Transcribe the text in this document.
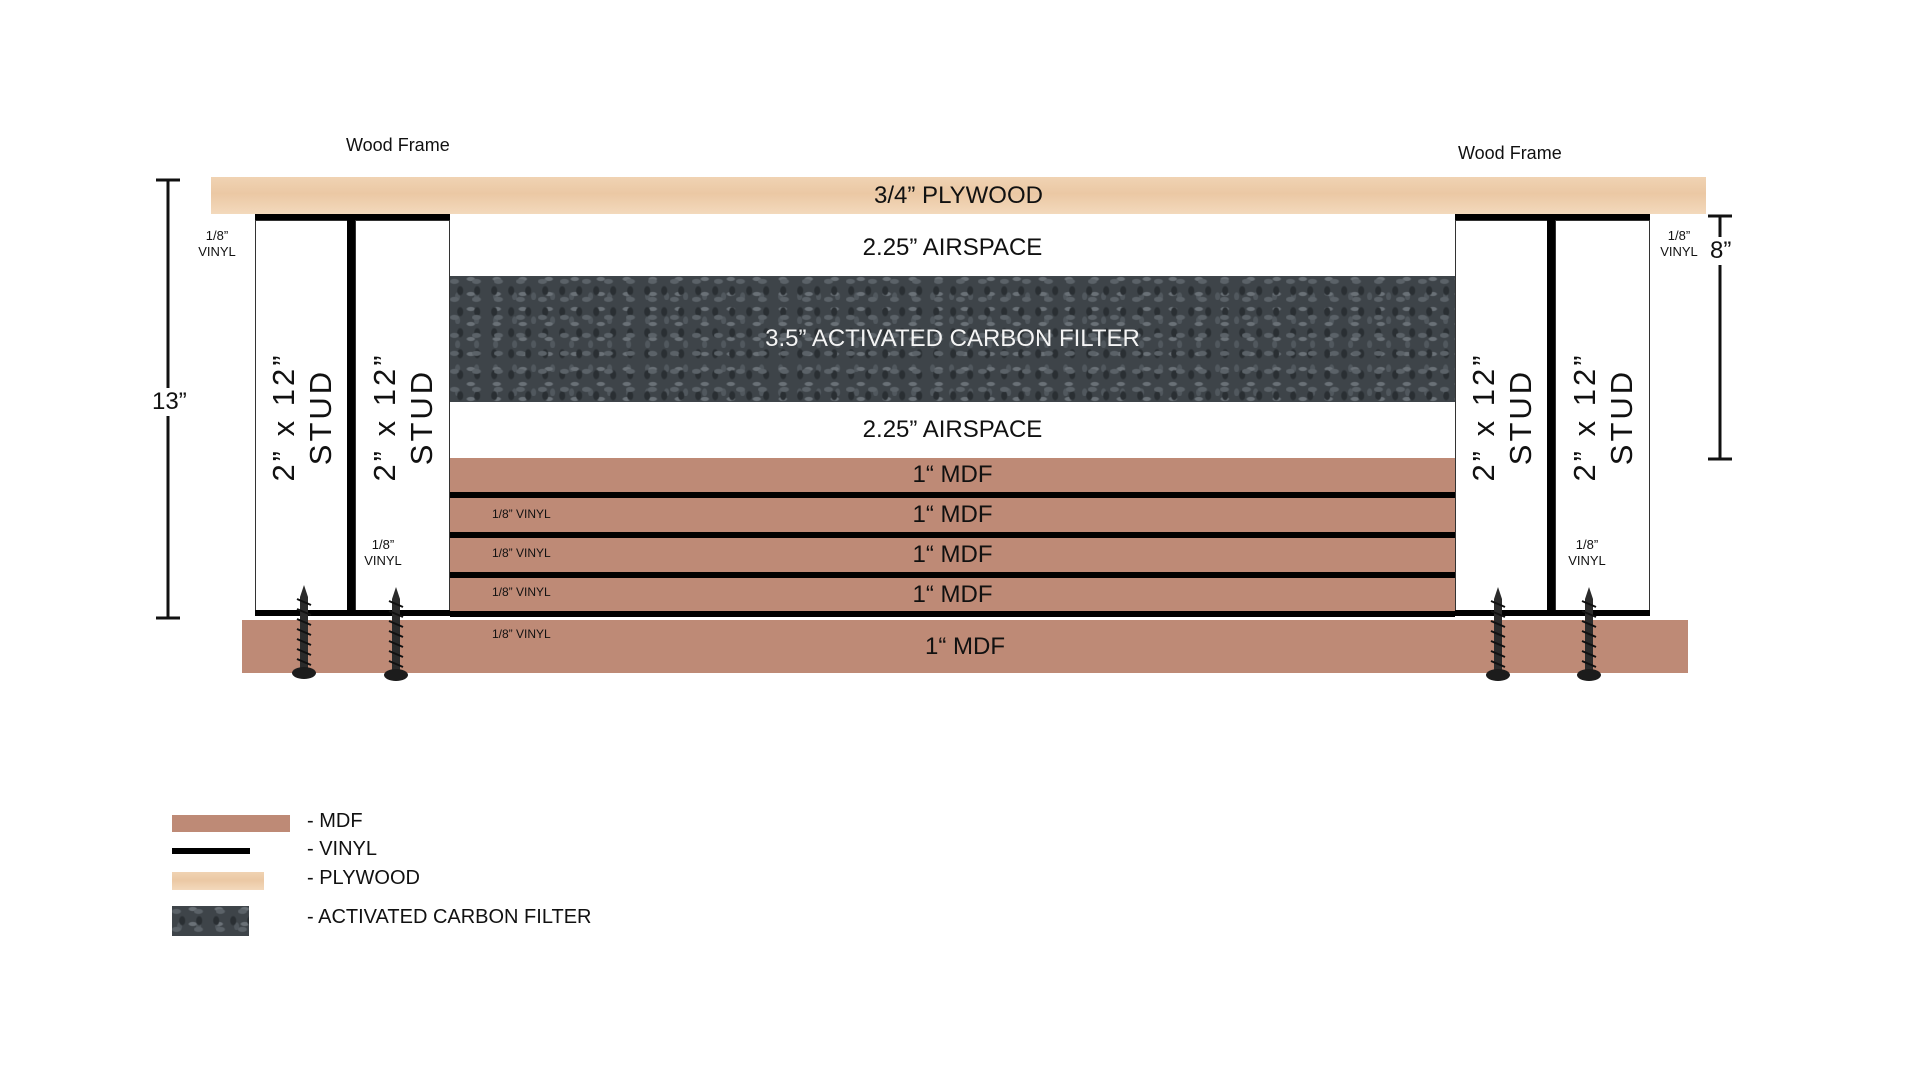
Wood Frame	Wood Frame
3/4” PLYWOOD
2” x 12” STUD 2” x 12” STUD	2” x 12” STUD 2” x 12” STUD
2.25” AIRSPACE
3.5” ACTIVATED CARBON FILTER
2.25” AIRSPACE
1“ MDF
1“ MDF
1“ MDF
1“ MDF
1“ MDF
1/8” VINYL
1/8” VINYL
1/8” VINYL
1/8” VINYL
1/8”
VINYL
1/8”
VINYL
1/8”
VINYL
1/8”
VINYL
13”
8”
- MDF
- VINYL
- PLYWOOD
- ACTIVATED CARBON FILTER
